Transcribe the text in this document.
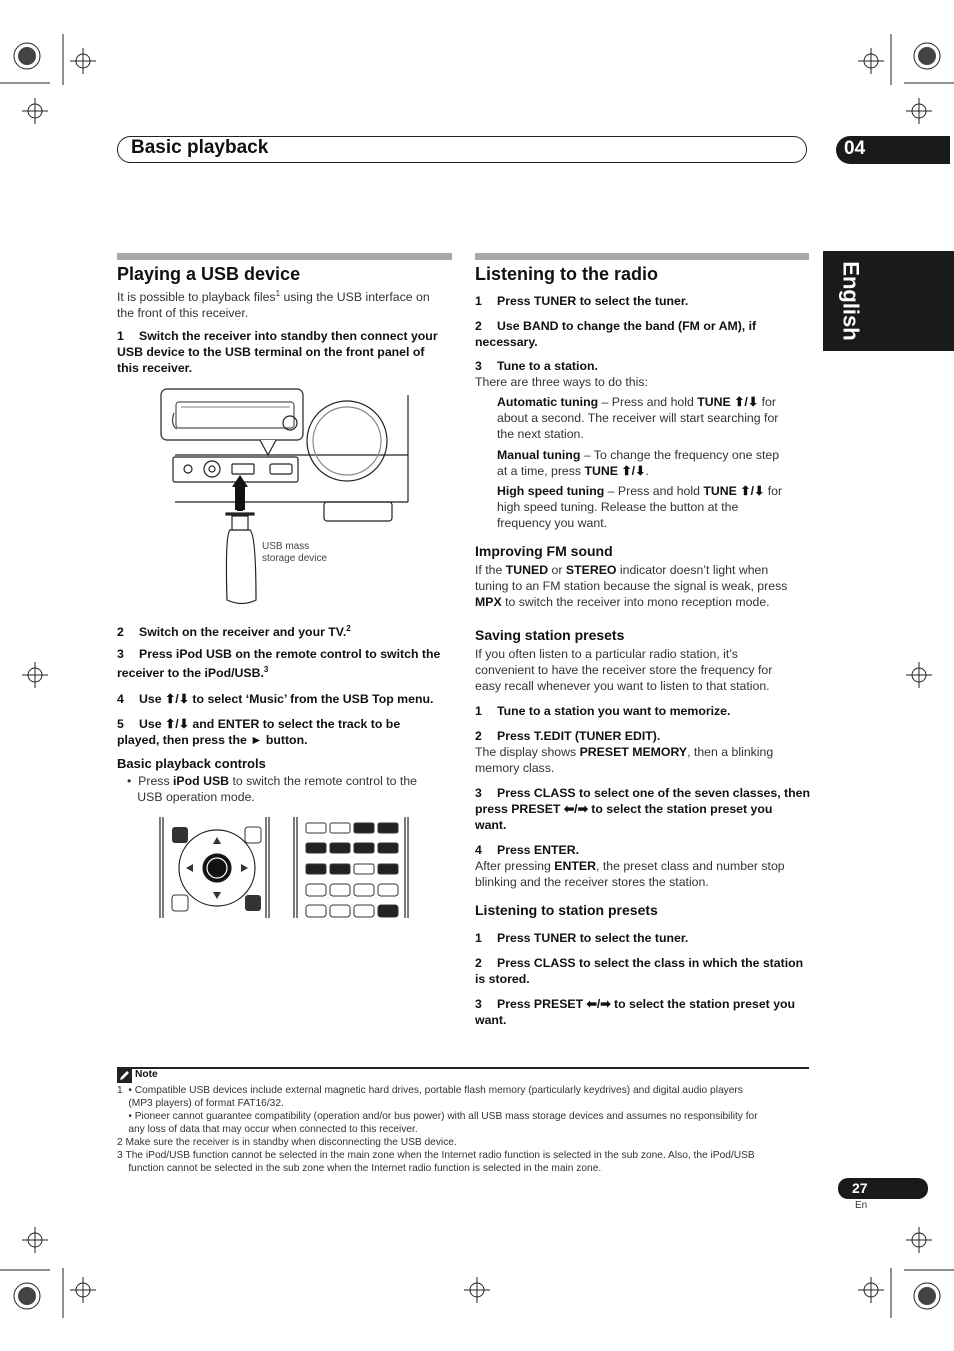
Basic playback	04
English
Playing a USB device
It is possible to playback files$^1$ using the USB interface on
the front of this receiver.
1 Switch the receiver into standby then connect your
USB device to the USB terminal on the front panel of
this receiver.
USB mass
storage device
2 Switch on the receiver and your TV.$^2$
3 Press iPod USB on the remote control to switch the
receiver to the iPod/USB.$^3$
4 Use ⬆/⬇ to select ‘Music’ from the USB Top menu.
5 Use ⬆/⬇ and ENTER to select the track to be
played, then press the ► button.
Basic playback controls
• Press iPod USB to switch the remote control to the
USB operation mode.
Listening to the radio
1 Press TUNER to select the tuner.
2 Use BAND to change the band (FM or AM), if
necessary.
3 Tune to a station.
There are three ways to do this:
Automatic tuning – Press and hold TUNE ⬆/⬇ for
about a second. The receiver will start searching for
the next station.
Manual tuning – To change the frequency one step
at a time, press TUNE ⬆/⬇.
High speed tuning – Press and hold TUNE ⬆/⬇ for
high speed tuning. Release the button at the
frequency you want.
Improving FM sound
If the TUNED or STEREO indicator doesn’t light when
tuning to an FM station because the signal is weak, press
MPX to switch the receiver into mono reception mode.
Saving station presets
If you often listen to a particular radio station, it’s
convenient to have the receiver store the frequency for
easy recall whenever you want to listen to that station.
1 Tune to a station you want to memorize.
2 Press T.EDIT (TUNER EDIT).
The display shows PRESET MEMORY, then a blinking
memory class.
3 Press CLASS to select one of the seven classes, then
press PRESET ⬅/➡ to select the station preset you
want.
4 Press ENTER.
After pressing ENTER, the preset class and number stop
blinking and the receiver stores the station.
Listening to station presets
1 Press TUNER to select the tuner.
2 Press CLASS to select the class in which the station
is stored.
3 Press PRESET ⬅/➡ to select the station preset you
want.
Note
1 • Compatible USB devices include external magnetic hard drives, portable flash memory (particularly keydrives) and digital audio players
(MP3 players) of format FAT16/32.
• Pioneer cannot guarantee compatibility (operation and/or bus power) with all USB mass storage devices and assumes no responsibility for
any loss of data that may occur when connected to this receiver.
2 Make sure the receiver is in standby when disconnecting the USB device.
3 The iPod/USB function cannot be selected in the main zone when the Internet radio function is selected in the sub zone. Also, the iPod/USB
function cannot be selected in the sub zone when the Internet radio function is selected in the main zone.
27
En
